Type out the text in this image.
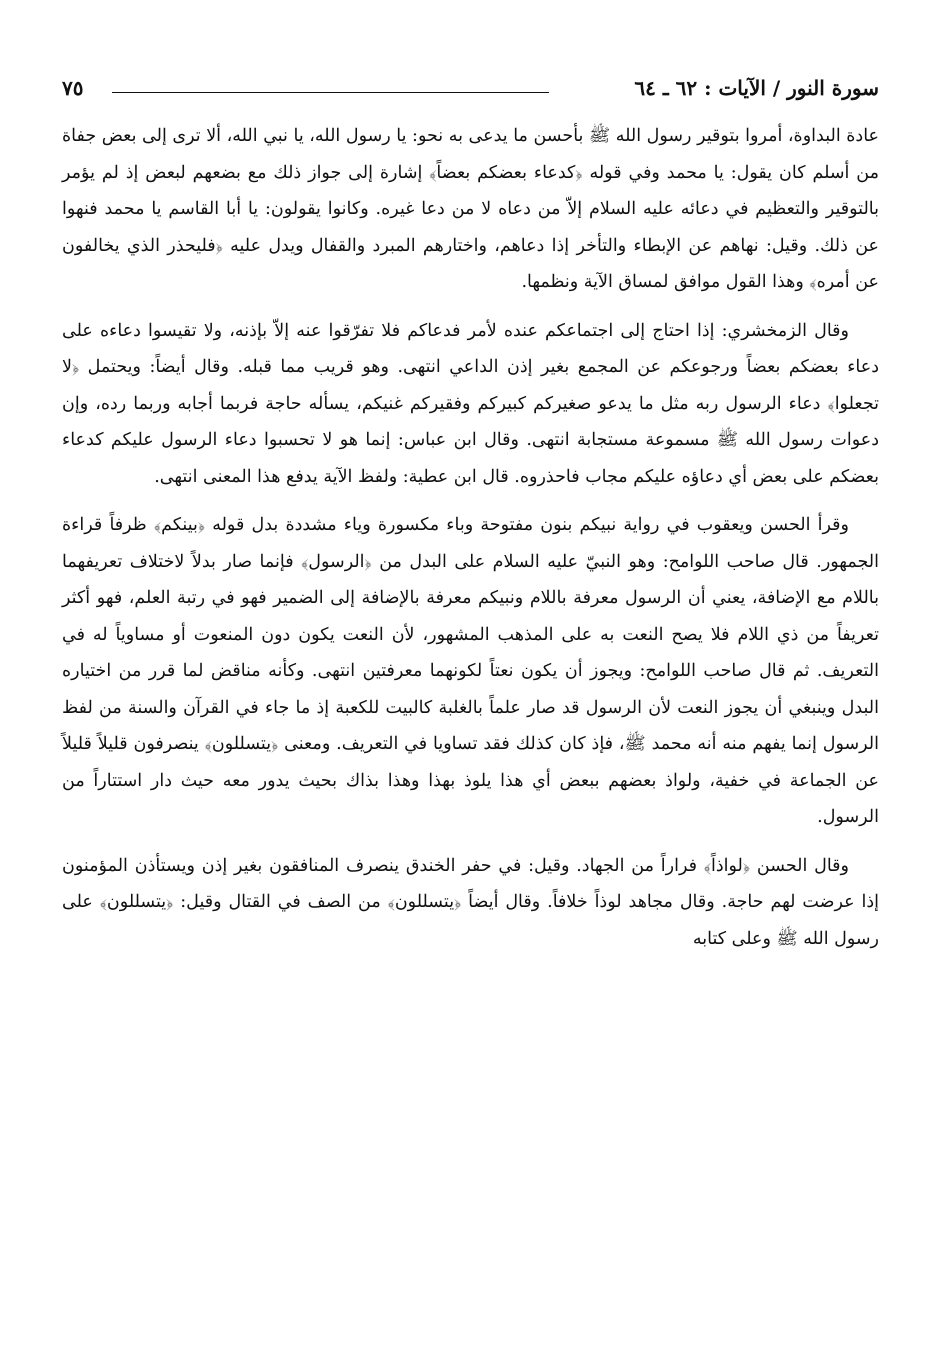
سورة النور / الآيات : ٦٢ ـ ٦٤
٧٥

عادة البداوة، أمروا بتوقير رسول الله ﷺ بأحسن ما يدعى به نحو: يا رسول الله، يا نبي الله، ألا ترى إلى بعض جفاة من أسلم كان يقول: يا محمد وفي قوله ﴿كدعاء بعضكم بعضاً﴾ إشارة إلى جواز ذلك مع بضعهم لبعض إذ لم يؤمر بالتوقير والتعظيم في دعائه عليه السلام إلاّ من دعاه لا من دعا غيره. وكانوا يقولون: يا أبا القاسم يا محمد فنهوا عن ذلك. وقيل: نهاهم عن الإبطاء والتأخر إذا دعاهم، واختارهم المبرد والقفال ويدل عليه ﴿فليحذر الذي يخالفون عن أمره﴾ وهذا القول موافق لمساق الآية ونظمها.

وقال الزمخشري: إذا احتاج إلى اجتماعكم عنده لأمر فدعاكم فلا تفرّقوا عنه إلاّ بإذنه، ولا تقيسوا دعاءه على دعاء بعضكم بعضاً ورجوعكم عن المجمع بغير إذن الداعي انتهى. وهو قريب مما قبله. وقال أيضاً: ويحتمل ﴿لا تجعلوا﴾ دعاء الرسول ربه مثل ما يدعو صغيركم كبيركم وفقيركم غنيكم، يسأله حاجة فربما أجابه وربما رده، وإن دعوات رسول الله ﷺ مسموعة مستجابة انتهى. وقال ابن عباس: إنما هو لا تحسبوا دعاء الرسول عليكم كدعاء بعضكم على بعض أي دعاؤه عليكم مجاب فاحذروه. قال ابن عطية: ولفظ الآية يدفع هذا المعنى انتهى.

وقرأ الحسن ويعقوب في رواية نبيكم بنون مفتوحة وباء مكسورة وياء مشددة بدل قوله ﴿بينكم﴾ ظرفاً قراءة الجمهور. قال صاحب اللوامح: وهو النبيّ عليه السلام على البدل من ﴿الرسول﴾ فإنما صار بدلاً لاختلاف تعريفهما باللام مع الإضافة، يعني أن الرسول معرفة باللام ونبيكم معرفة بالإضافة إلى الضمير فهو في رتبة العلم، فهو أكثر تعريفاً من ذي اللام فلا يصح النعت به على المذهب المشهور، لأن النعت يكون دون المنعوت أو مساوياً له في التعريف. ثم قال صاحب اللوامح: ويجوز أن يكون نعتاً لكونهما معرفتين انتهى. وكأنه مناقض لما قرر من اختياره البدل وينبغي أن يجوز النعت لأن الرسول قد صار علماً بالغلبة كالبيت للكعبة إذ ما جاء في القرآن والسنة من لفظ الرسول إنما يفهم منه أنه محمد ﷺ، فإذ كان كذلك فقد تساويا في التعريف. ومعنى ﴿يتسللون﴾ ينصرفون قليلاً قليلاً عن الجماعة في خفية، ولواذ بعضهم ببعض أي هذا يلوذ بهذا وهذا بذاك بحيث يدور معه حيث دار استتاراً من الرسول.

وقال الحسن ﴿لواذاً﴾ فراراً من الجهاد. وقيل: في حفر الخندق ينصرف المنافقون بغير إذن ويستأذن المؤمنون إذا عرضت لهم حاجة. وقال مجاهد لوذاً خلافاً. وقال أيضاً ﴿يتسللون﴾ من الصف في القتال وقيل: ﴿يتسللون﴾ على رسول الله ﷺ وعلى كتابه
